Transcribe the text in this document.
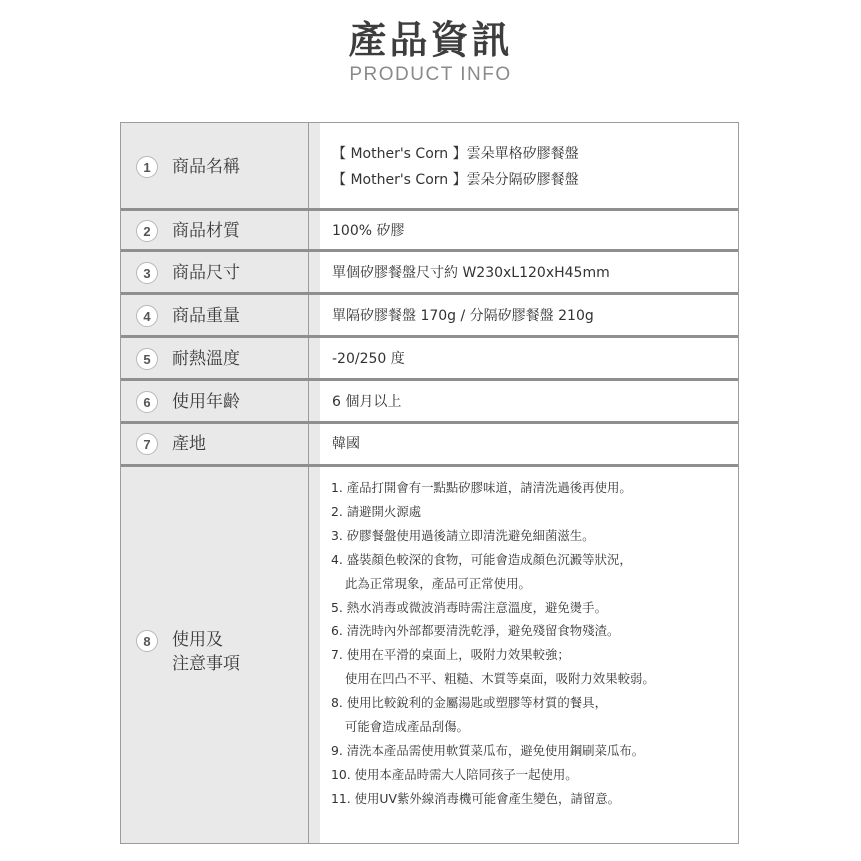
產品資訊
PRODUCT INFO
1	商品名稱
【 Mother's Corn 】雲朵單格矽膠餐盤
【 Mother's Corn 】雲朵分隔矽膠餐盤
2	商品材質	100% 矽膠
3	商品尺寸	單個矽膠餐盤尺寸約 W230xL120xH45mm
4	商品重量	單隔矽膠餐盤 170g / 分隔矽膠餐盤 210g
5	耐熱溫度	-20/250 度
6	使用年齡	6 個月以上
7	產地	韓國
8	使用及
注意事項
1. 產品打開會有一點點矽膠味道，請清洗過後再使用。
2. 請避開火源處
3. 矽膠餐盤使用過後請立即清洗避免細菌滋生。
4. 盛裝顏色較深的食物，可能會造成顏色沉澱等狀況，
此為正常現象，產品可正常使用。
5. 熱水消毒或微波消毒時需注意溫度，避免燙手。
6. 清洗時內外部都要清洗乾淨，避免殘留食物殘渣。
7. 使用在平滑的桌面上，吸附力效果較強；
使用在凹凸不平、粗糙、木質等桌面，吸附力效果較弱。
8. 使用比較銳利的金屬湯匙或塑膠等材質的餐具，
可能會造成產品刮傷。
9. 清洗本產品需使用軟質菜瓜布，避免使用鋼刷菜瓜布。
10. 使用本產品時需大人陪同孩子一起使用。
11. 使用UV紫外線消毒機可能會產生變色，請留意。
